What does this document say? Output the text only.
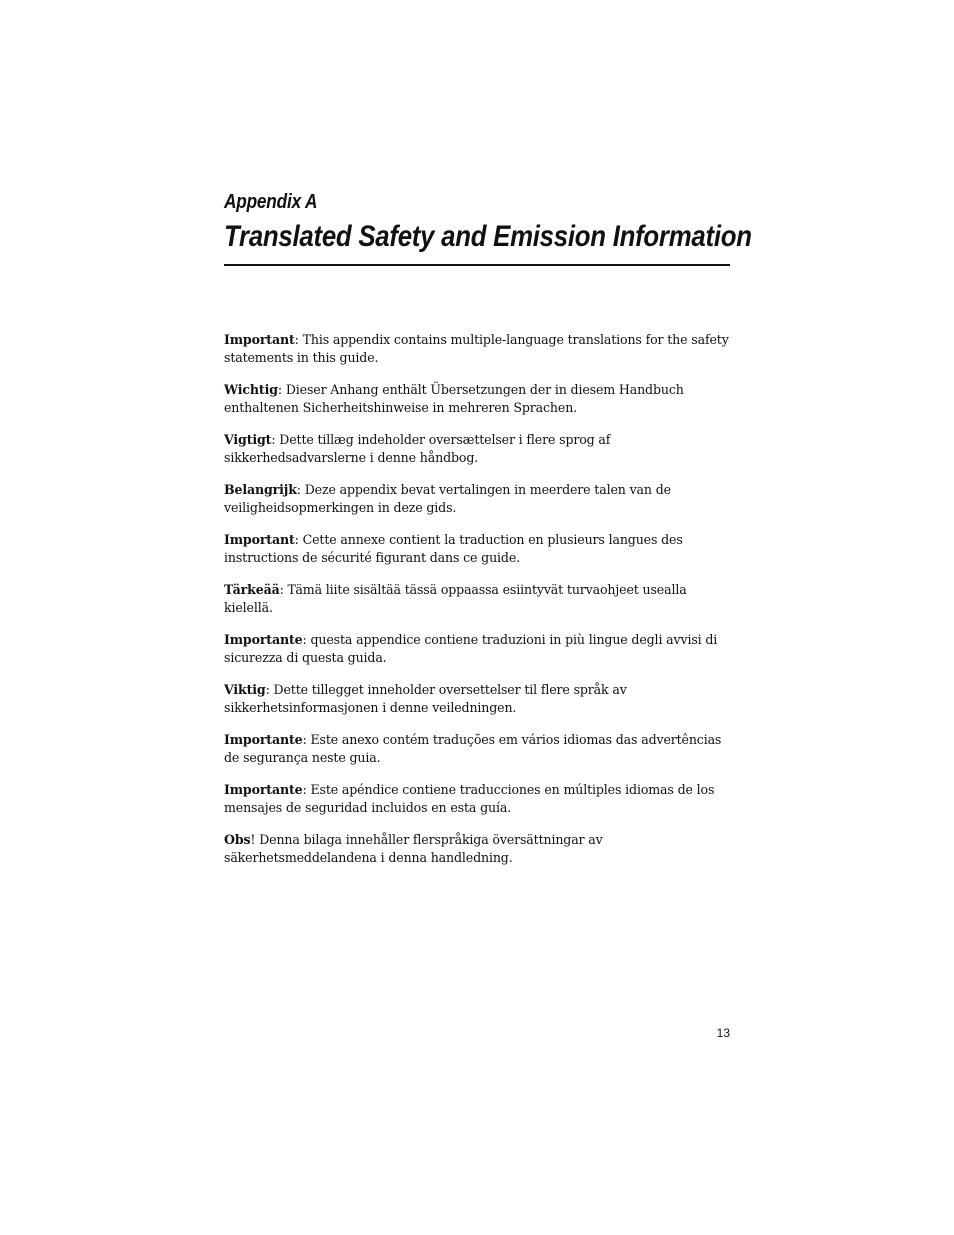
Appendix A
Translated Safety and Emission Information

Important: This appendix contains multiple-language translations for the safety statements in this guide.

Wichtig: Dieser Anhang enthält Übersetzungen der in diesem Handbuch enthaltenen Sicherheitshinweise in mehreren Sprachen.

Vigtigt: Dette tillæg indeholder oversættelser i flere sprog af sikkerhedsadvarslerne i denne håndbog.

Belangrijk: Deze appendix bevat vertalingen in meerdere talen van de veiligheidsopmerkingen in deze gids.

Important: Cette annexe contient la traduction en plusieurs langues des instructions de sécurité figurant dans ce guide.

Tärkeää: Tämä liite sisältää tässä oppaassa esiintyvät turvaohjeet usealla kielellä.

Importante: questa appendice contiene traduzioni in più lingue degli avvisi di sicurezza di questa guida.

Viktig: Dette tillegget inneholder oversettelser til flere språk av sikkerhetsinformasjonen i denne veiledningen.

Importante: Este anexo contém traduções em vários idiomas das advertências de segurança neste guia.

Importante: Este apéndice contiene traducciones en múltiples idiomas de los mensajes de seguridad incluidos en esta guía.

Obs! Denna bilaga innehåller flerspråkiga översättningar av säkerhetsmeddelandena i denna handledning.

13
